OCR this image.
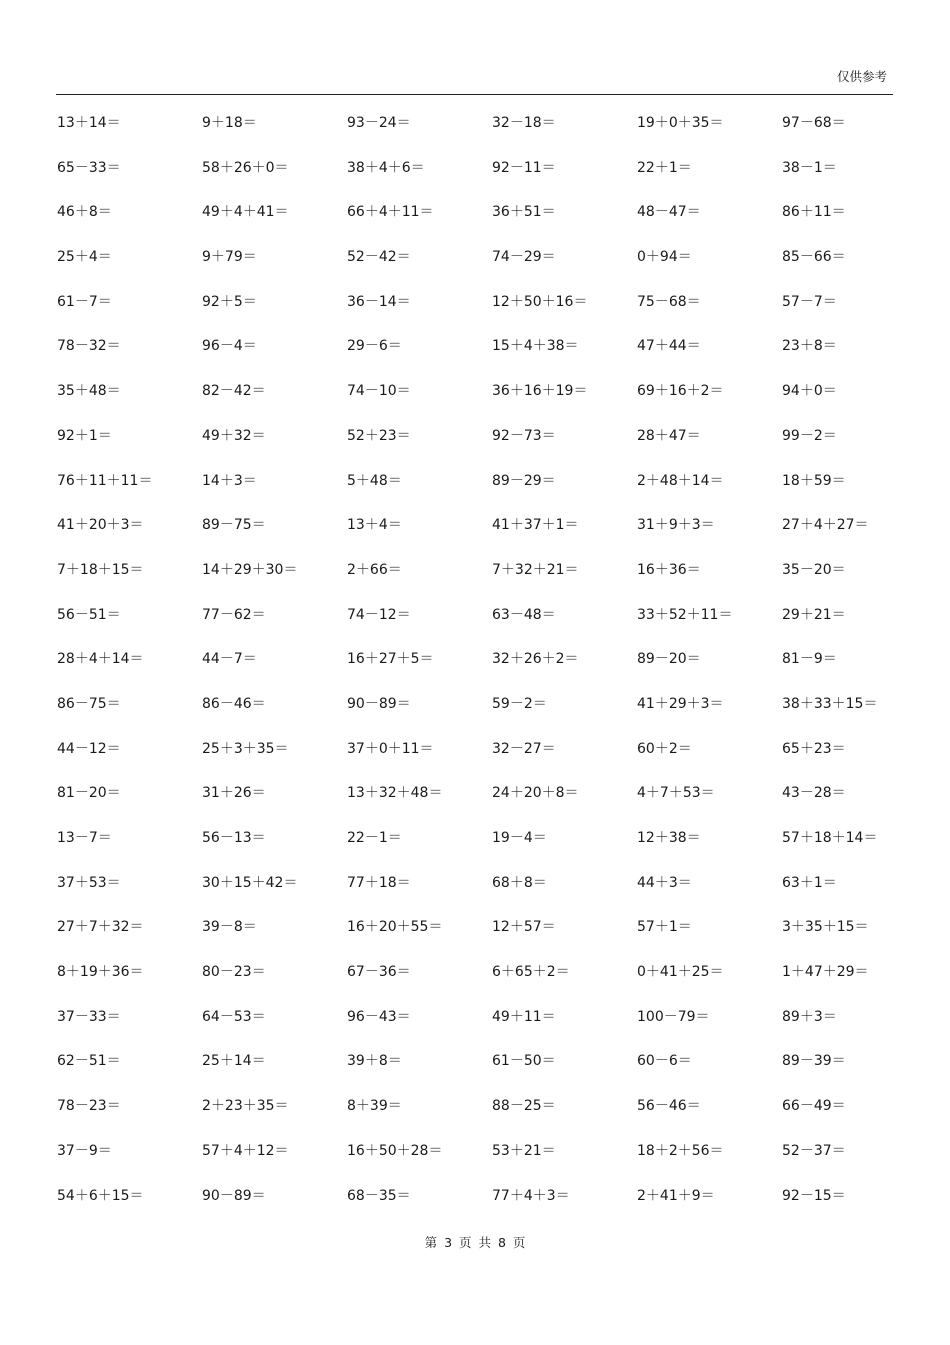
仅供参考
13＋14＝	9＋18＝	93－24＝	32－18＝	19＋0＋35＝	97－68＝
65－33＝	58＋26＋0＝	38＋4＋6＝	92－11＝	22＋1＝	38－1＝
46＋8＝	49＋4＋41＝	66＋4＋11＝	36＋51＝	48－47＝	86＋11＝
25＋4＝	9＋79＝	52－42＝	74－29＝	0＋94＝	85－66＝
61－7＝	92＋5＝	36－14＝	12＋50＋16＝	75－68＝	57－7＝
78－32＝	96－4＝	29－6＝	15＋4＋38＝	47＋44＝	23＋8＝
35＋48＝	82－42＝	74－10＝	36＋16＋19＝	69＋16＋2＝	94＋0＝
92＋1＝	49＋32＝	52＋23＝	92－73＝	28＋47＝	99－2＝
76＋11＋11＝	14＋3＝	5＋48＝	89－29＝	2＋48＋14＝	18＋59＝
41＋20＋3＝	89－75＝	13＋4＝	41＋37＋1＝	31＋9＋3＝	27＋4＋27＝
7＋18＋15＝	14＋29＋30＝	2＋66＝	7＋32＋21＝	16＋36＝	35－20＝
56－51＝	77－62＝	74－12＝	63－48＝	33＋52＋11＝	29＋21＝
28＋4＋14＝	44－7＝	16＋27＋5＝	32＋26＋2＝	89－20＝	81－9＝
86－75＝	86－46＝	90－89＝	59－2＝	41＋29＋3＝	38＋33＋15＝
44－12＝	25＋3＋35＝	37＋0＋11＝	32－27＝	60＋2＝	65＋23＝
81－20＝	31＋26＝	13＋32＋48＝	24＋20＋8＝	4＋7＋53＝	43－28＝
13－7＝	56－13＝	22－1＝	19－4＝	12＋38＝	57＋18＋14＝
37＋53＝	30＋15＋42＝	77＋18＝	68＋8＝	44＋3＝	63＋1＝
27＋7＋32＝	39－8＝	16＋20＋55＝	12＋57＝	57＋1＝	3＋35＋15＝
8＋19＋36＝	80－23＝	67－36＝	6＋65＋2＝	0＋41＋25＝	1＋47＋29＝
37－33＝	64－53＝	96－43＝	49＋11＝	100－79＝	89＋3＝
62－51＝	25＋14＝	39＋8＝	61－50＝	60－6＝	89－39＝
78－23＝	2＋23＋35＝	8＋39＝	88－25＝	56－46＝	66－49＝
37－9＝	57＋4＋12＝	16＋50＋28＝	53＋21＝	18＋2＋56＝	52－37＝
54＋6＋15＝	90－89＝	68－35＝	77＋4＋3＝	2＋41＋9＝	92－15＝
第 3 页 共 8 页
